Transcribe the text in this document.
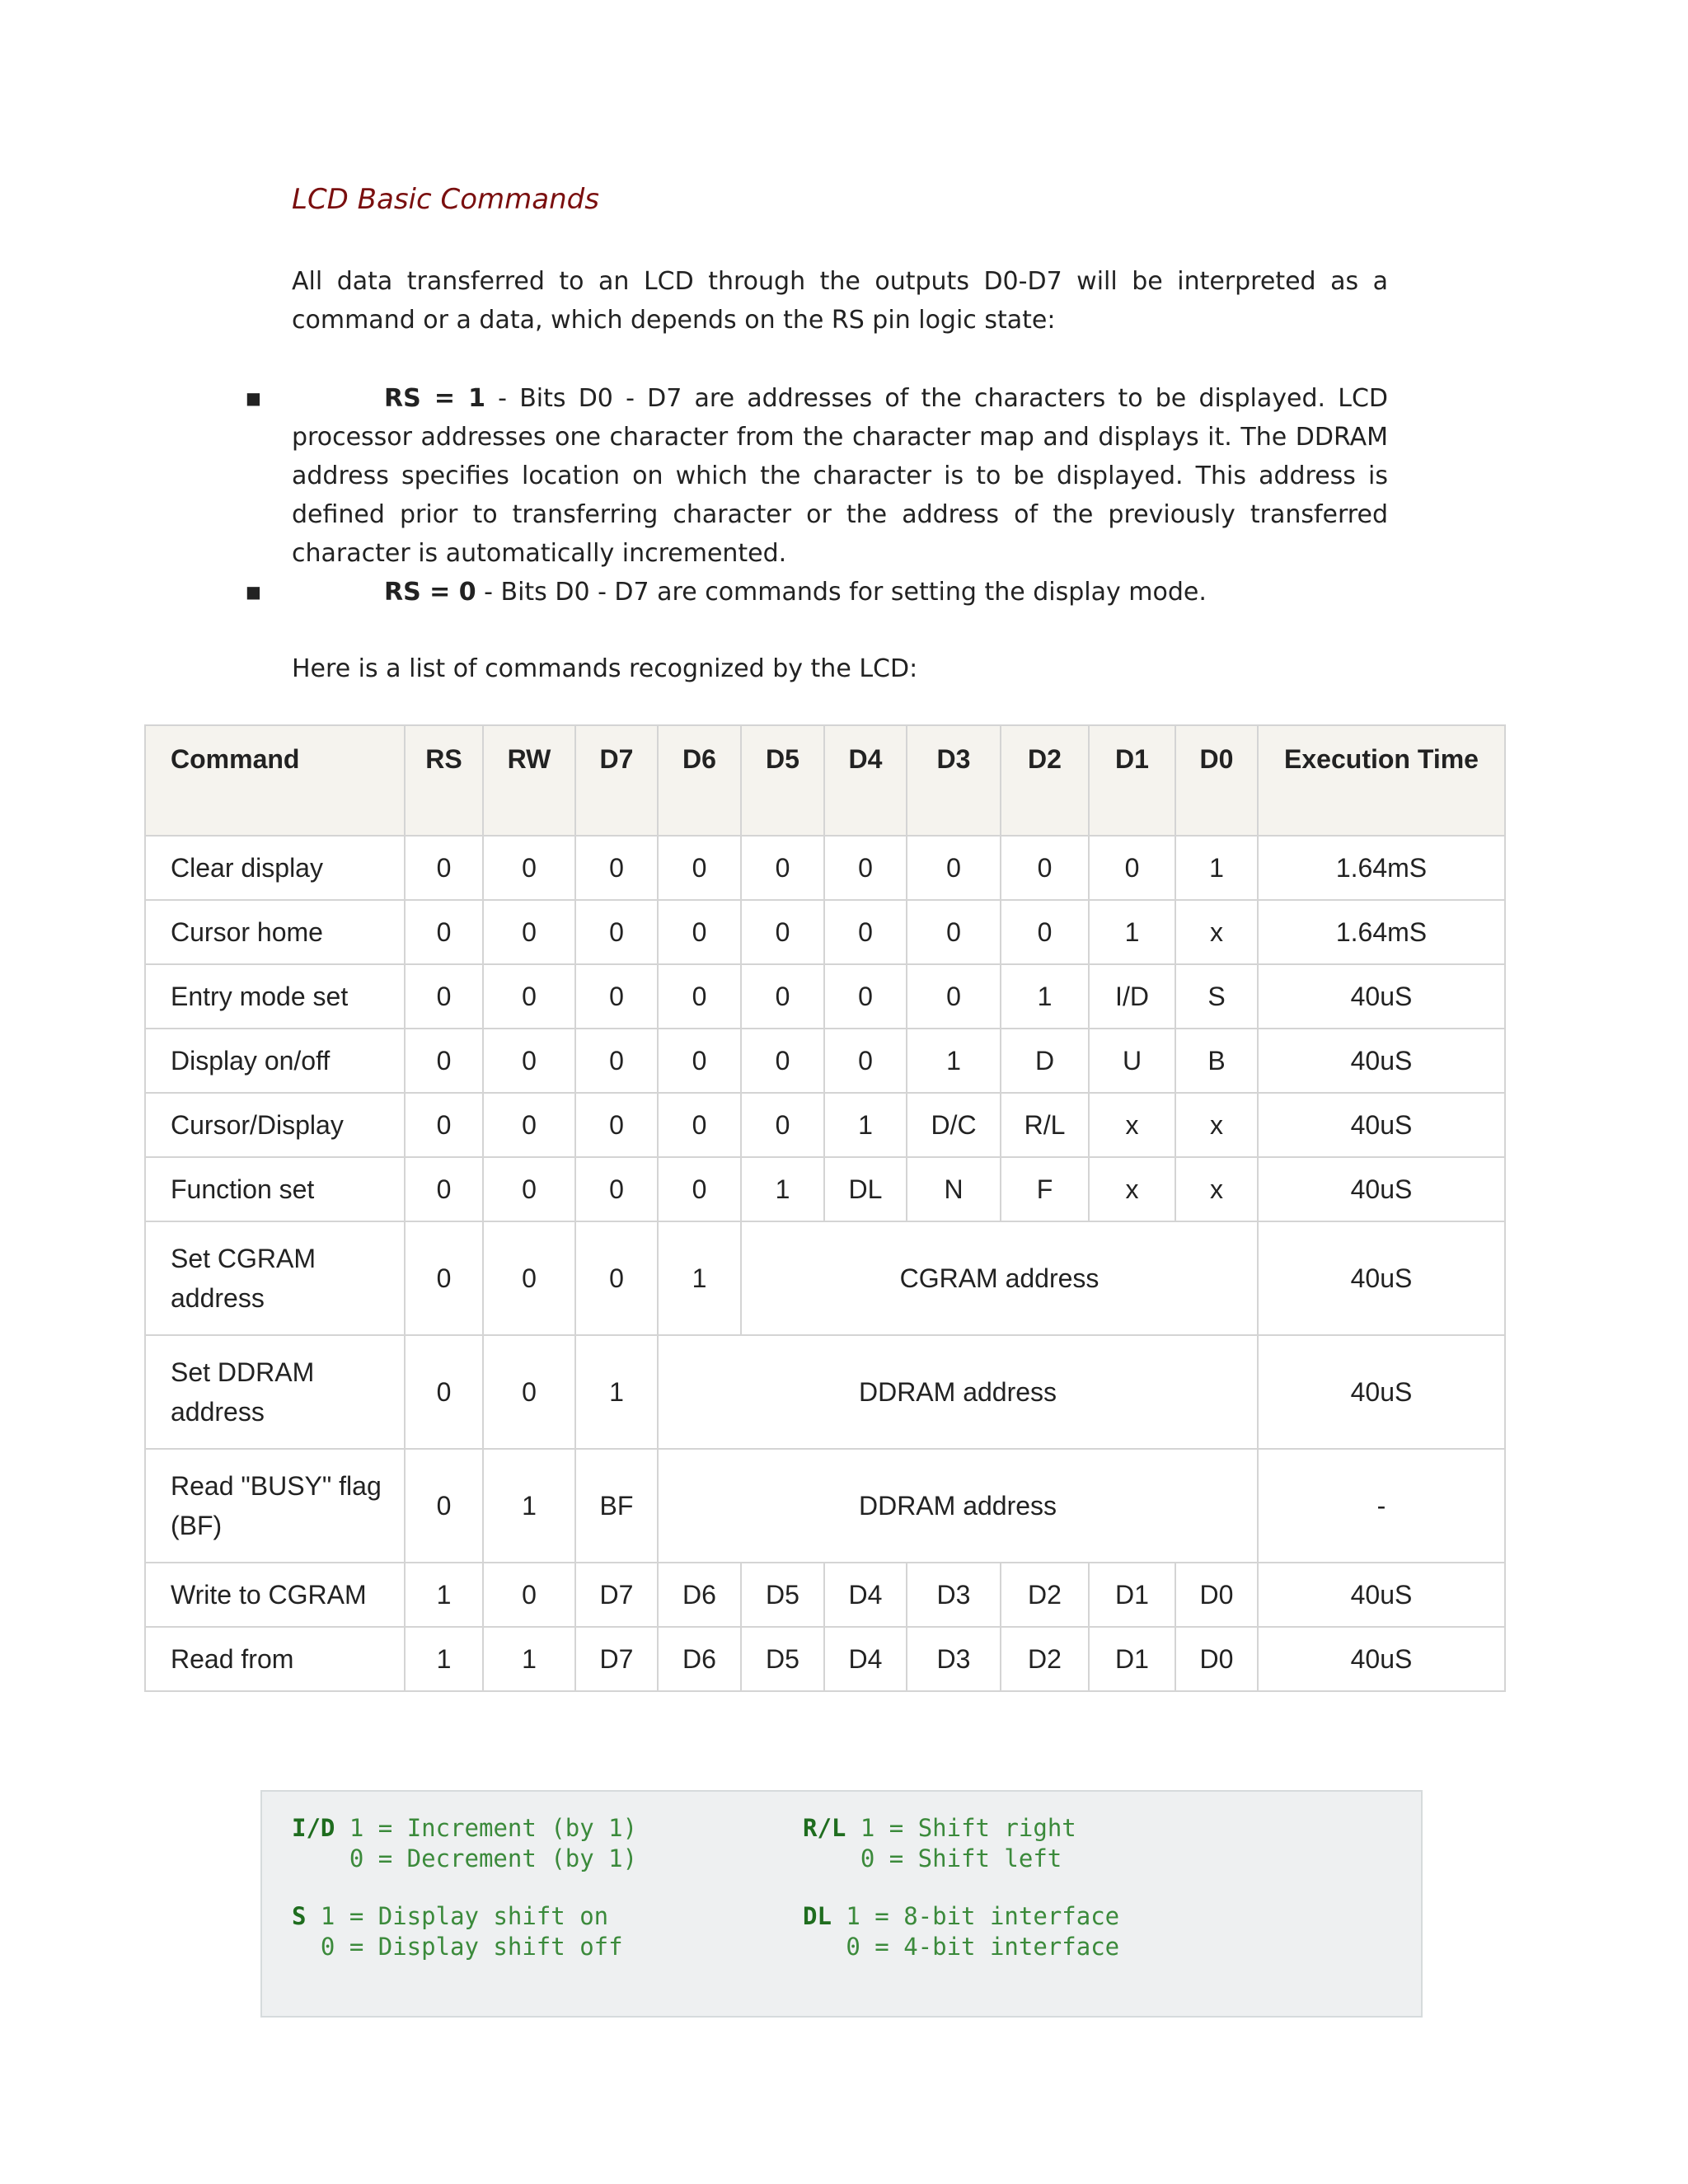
LCD Basic Commands

All data transferred to an LCD through the outputs D0-D7 will be interpreted as a command or a data, which depends on the RS pin logic state:

■	RS = 1 - Bits D0 - D7 are addresses of the characters to be displayed. LCD processor addresses one character from the character map and displays it. The DDRAM address specifies location on which the character is to be displayed. This address is defined prior to transferring character or the address of the previously transferred character is automatically incremented.
■	RS = 0 - Bits D0 - D7 are commands for setting the display mode.

Here is a list of commands recognized by the LCD:

Command	RS	RW	D7	D6	D5	D4	D3	D2	D1	D0	Execution Time
Clear display	0	0	0	0	0	0	0	0	0	1	1.64mS
Cursor home	0	0	0	0	0	0	0	0	1	x	1.64mS
Entry mode set	0	0	0	0	0	0	0	1	I/D	S	40uS
Display on/off	0	0	0	0	0	0	1	D	U	B	40uS
Cursor/Display	0	0	0	0	0	1	D/C	R/L	x	x	40uS
Function set	0	0	0	0	1	DL	N	F	x	x	40uS
Set CGRAM address	0	0	0	1	CGRAM address						40uS
Set DDRAM address	0	0	1	DDRAM address							40uS
Read "BUSY" flag (BF)	0	1	BF	DDRAM address							-
Write to CGRAM	1	0	D7	D6	D5	D4	D3	D2	D1	D0	40uS
Read from	1	1	D7	D6	D5	D4	D3	D2	D1	D0	40uS
I/D 1 = Increment (by 1)
0 = Decrement (by 1)
S 1 = Display shift on
0 = Display shift off
R/L 1 = Shift right
0 = Shift left
DL 1 = 8-bit interface
0 = 4-bit interface
